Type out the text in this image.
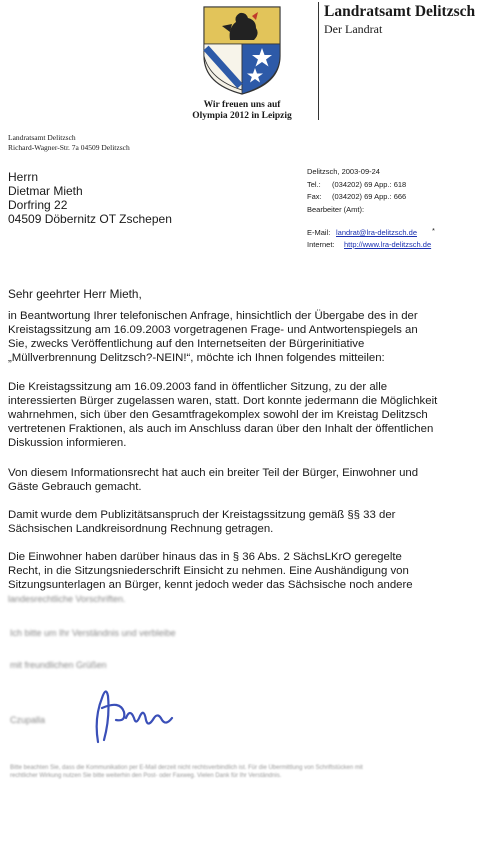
Landratsamt Delitzsch
Der Landrat
Wir freuen uns auf
Olympia 2012 in Leipzig
Landratsamt Delitzsch
Richard-Wagner-Str. 7a 04509 Delitzsch
Herrn
Dietmar Mieth
Dorfring 22
04509 Döbernitz OT Zschepen
Delitzsch, 2003-09-24
Tel.: (034202) 69 App.: 618
Fax: (034202) 69 App.: 666
Bearbeiter (Amt):
E-Mail: landrat@lra-delitzsch.de *
Internet: http://www.lra-delitzsch.de
Sehr geehrter Herr Mieth,

in Beantwortung Ihrer telefonischen Anfrage, hinsichtlich der Übergabe des in der

Kreistagssitzung am 16.09.2003 vorgetragenen Frage- und Antwortenspiegels an

Sie, zwecks Veröffentlichung auf den Internetseiten der Bürgerinitiative

„Müllverbrennung Delitzsch?-NEIN!“, möchte ich Ihnen folgendes mitteilen:

Die Kreistagssitzung am 16.09.2003 fand in öffentlicher Sitzung, zu der alle

interessierten Bürger zugelassen waren, statt. Dort konnte jedermann die Möglichkeit

wahrnehmen, sich über den Gesamtfragekomplex sowohl der im Kreistag Delitzsch

vertretenen Fraktionen, als auch im Anschluss daran über den Inhalt der öffentlichen

Diskussion informieren.

Von diesem Informationsrecht hat auch ein breiter Teil der Bürger, Einwohner und

Gäste Gebrauch gemacht.

Damit wurde dem Publizitätsanspruch der Kreistagssitzung gemäß §§ 33 der

Sächsischen Landkreisordnung Rechnung getragen.

Die Einwohner haben darüber hinaus das in § 36 Abs. 2 SächsLKrO geregelte

Recht, in die Sitzungsniederschrift Einsicht zu nehmen. Eine Aushändigung von

Sitzungsunterlagen an Bürger, kennt jedoch weder das Sächsische noch andere

landesrechtliche Vorschriften.

Ich bitte um Ihr Verständnis und verbleibe
mit freundlichen Grüßen
Czupalla
Bitte beachten Sie, dass die Kommunikation per E-Mail derzeit nicht rechtsverbindlich ist. Für die Übermittlung von Schriftstücken mit
rechtlicher Wirkung nutzen Sie bitte weiterhin den Post- oder Faxweg. Vielen Dank für Ihr Verständnis.
